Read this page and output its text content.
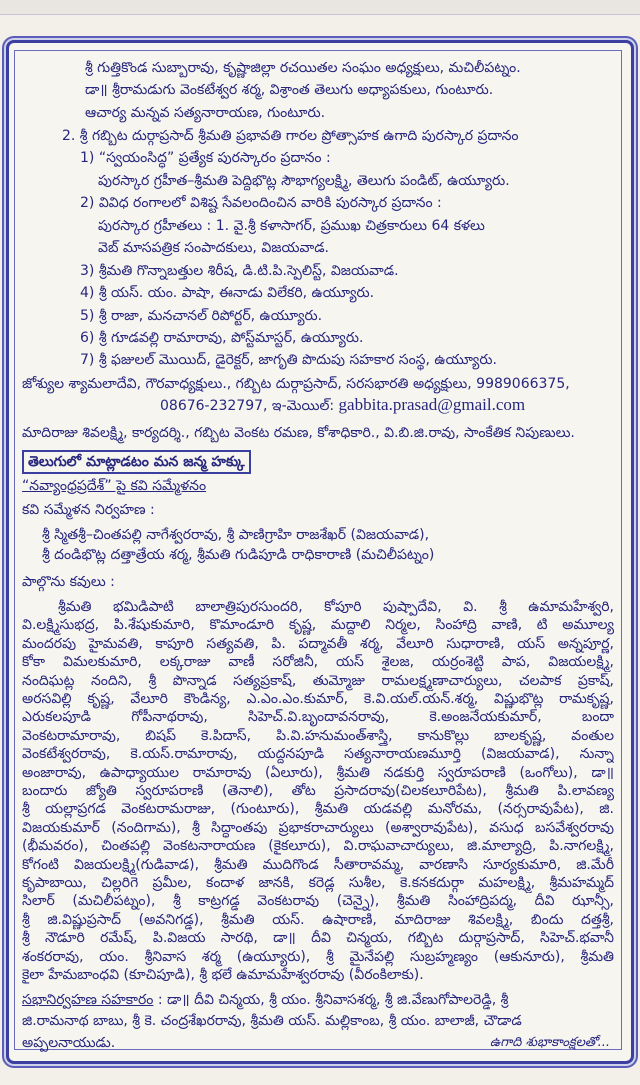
శ్రీ గుత్తికొండ సుబ్బారావు, కృష్ణాజిల్లా రచయితల సంఘం అధ్యక్షులు, మచిలీపట్నం.
డా॥ శ్రీరామడుగు వెంకటేశ్వర శర్మ, విశ్రాంత తెలుగు అధ్యాపకులు, గుంటూరు.
ఆచార్య మన్నవ సత్యనారాయణ, గుంటూరు.
2. శ్రీ గబ్బిట దుర్గాప్రసాద్ శ్రీమతి ప్రభావతి గారల ప్రోత్సాహక ఉగాది పురస్కార ప్రదానం
1) “స్వయంసిద్ధ” ప్రత్యేక పురస్కారం ప్రదానం :
పురస్కార గ్రహీత–శ్రీమతి పెద్దిభొట్ల సౌభాగ్యలక్ష్మి, తెలుగు పండిట్, ఉయ్యూరు.
2) వివిధ రంగాలలో విశిష్ట సేవలందించిన వారికి పురస్కార ప్రదానం :
పురస్కార గ్రహీతలు : 1. వై.శ్రీ కళాసాగర్, ప్రముఖ చిత్రకారులు 64 కళలు
వెబ్ మాసపత్రిక సంపాదకులు, విజయవాడ.
3) శ్రీమతి గొన్నాబత్తుల శిరీష, డి.టి.పి.స్పెలిస్ట్, విజయవాడ.
4) శ్రీ యస్. యం. పాషా, ఈనాడు విలేకరి, ఉయ్యూరు.
5) శ్రీ రాజా, మనచానల్ రిపోర్టర్, ఉయ్యూరు.
6) శ్రీ గూడవల్లి రామారావు, పోస్ట్‌మాస్టర్, ఉయ్యూరు.
7) శ్రీ ఫజులల్ మొయిద్, డైరెక్టర్, జాగృతి పొదుపు సహకార సంస్థ, ఉయ్యూరు.
జోశ్యుల శ్యామలాదేవి, గౌరవాధ్యక్షులు., గబ్బిట దుర్గాప్రసాద్, సరసభారతి అధ్యక్షులు, 9989066375,
08676-232797, ఇ-మెయిల్: gabbita.prasad@gmail.com
మాదిరాజు శివలక్ష్మి, కార్యదర్శి., గబ్బిట వెంకట రమణ, కోశాధికారి., వి.బి.జి.రావు, సాంకేతిక నిపుణులు.
తెలుగులో మాట్లాడటం మన జన్మ హక్కు
“నవ్యాంధ్రప్రదేశ్” పై కవి సమ్మేళనం
కవి సమ్మేళన నిర్వహణ :
శ్రీ స్మితశ్రీ–చింతపల్లి నాగేశ్వరరావు, శ్రీ పాణిగ్రాహి రాజశేఖర్ (విజయవాడ),
శ్రీ దండిభొట్ల దత్తాత్రేయ శర్మ, శ్రీమతి గుడిపూడి రాధికారాణి (మచిలీపట్నం)
పాల్గొను కవులు :
శ్రీమతి భమిడిపాటి బాలాత్రిపురసుందరి, కోపూరి పుష్పాదేవి, వి. శ్రీ ఉమామహేశ్వరి,
వి.లక్ష్మిసుభద్ర, పి.శేషుకుమారి, కొమాండూరి కృష్ణ, మద్దాలి నిర్మల, సింహాద్రి వాణి, టి అమూల్య
మందరపు హైమవతి, కాపూరి సత్యవతి, పి. పద్మావతీ శర్మ, వేలూరి సుధారాణి, యస్ అన్నపూర్ణ,
కోకా విమలకుమారి, లక్కరాజు వాణీ సరోజినీ, యస్ శైలజ, యర్రంశెట్టి పాప, విజయలక్ష్మి,
నందిఘట్ల నందిని, శ్రీ పొన్నాడ సత్యప్రకాష్, తుమ్మోజు రామలక్ష్మణాచార్యులు, చలపాక ప్రకాష్,
అరసవిల్లి కృష్ణ, వేలూరి కౌండిన్య, ఎ.ఎం.ఎం.కుమార్, కె.వి.యల్.యన్.శర్మ, విష్ణుభొట్ల రామకృష్ణ,
ఎరుకలపూడి గోపీనాథరావు, సిహెచ్.వి.బృందావనరావు, కె.అంజనేయకుమార్, బందా
వెంకటరామారావు, బిషప్ కె.పిదాస్, పి.వి.హనుమంత్‌శాస్త్రి, కానుకొల్లు బాలకృష్ణ, వంతుల
వెంకటేశ్వరరావు, కె.యస్.రామారావు, యద్దనపూడి సత్యనారాయణమూర్తి (విజయవాడ), నున్నా
అంజారావు, ఉపాధ్యాయుల రామారావు (ఏలూరు), శ్రీమతి నడకుర్తి స్వరూపరాణి (ఒంగోలు), డా॥
బందారు జ్యోతి స్వరూపరాణి (తెనాలి), తోట ప్రసాదరావు(చిలకలూరిపేట), శ్రీమతి పి.లావణ్య
శ్రీ యల్లాప్రగడ వెంకటరామరాజు, (గుంటూరు), శ్రీమతి యడవల్లి మనోరమ, (నర్సరావుపేట), జి.
విజయకుమార్ (నందిగామ), శ్రీ సిద్ధాంతపు ప్రభాకరాచార్యులు (అశ్వారావుపేట), వసుధ బసవేశ్వరరావు
(భీమవరం), చింతపల్లి వెంకటనారాయణ (కైకలూరు), వి.రాఘవాచార్యులు, జి.మాల్యాద్రి, పి.నాగలక్ష్మి,
కోగంటి విజయలక్ష్మి(గుడివాడ), శ్రీమతి ముదిగొండ సీతారావమ్మ, వారణాసి సూర్యకుమారి, జి.మేరీ
కృపాబాయి, చిల్లరిగె ప్రమీల, కందాళ జానకి, కరెడ్ల సుశీల, కె.కనకదుర్గా మహలక్ష్మి, శ్రీమహమ్మద్
సిలార్ (మచిలీపట్నం), శ్రీ కాట్రగడ్డ వెంకటరావు (చెన్నై), శ్రీమతి సింహాద్రిపద్మ, దీవి ఝాన్సీ,
శ్రీ జి.విష్ణుప్రసాద్ (అవనిగడ్డ), శ్రీమతి యస్. ఉషారాణి, మాదిరాజు శివలక్ష్మి, బిందు దత్తశ్రీ,
శ్రీ నౌడూరి రమేష్, పి.విజయ సారథి, డా॥ దీవి చిన్మయ, గబ్బిట దుర్గాప్రసాద్, సిహెచ్.భవానీ
శంకరరావు, యం. శ్రీనివాస శర్మ (ఉయ్యూరు), శ్రీ మైనేపల్లి సుబ్రహ్మణ్యం (ఆకునూరు), శ్రీమతి
కైలా హేమబాంధవి (కూచిపూడి), శ్రీ భలే ఉమామహేశ్వరరావు (వీరంకిలాకు).
సభానిర్వహణ సహకారం : డా॥ దీవి చిన్మయ, శ్రీ యం. శ్రీనివాసశర్మ, శ్రీ జి.వేణుగోపాలరెడ్డి, శ్రీ
జి.రామనాథ బాబు, శ్రీ కె. చంద్రశేఖరరావు, శ్రీమతి యస్. మల్లికాంబ, శ్రీ యం. బాలాజీ, చౌడాడ
అప్పలనాయుడు.	ఉగాది శుభాకాంక్షలతో...
